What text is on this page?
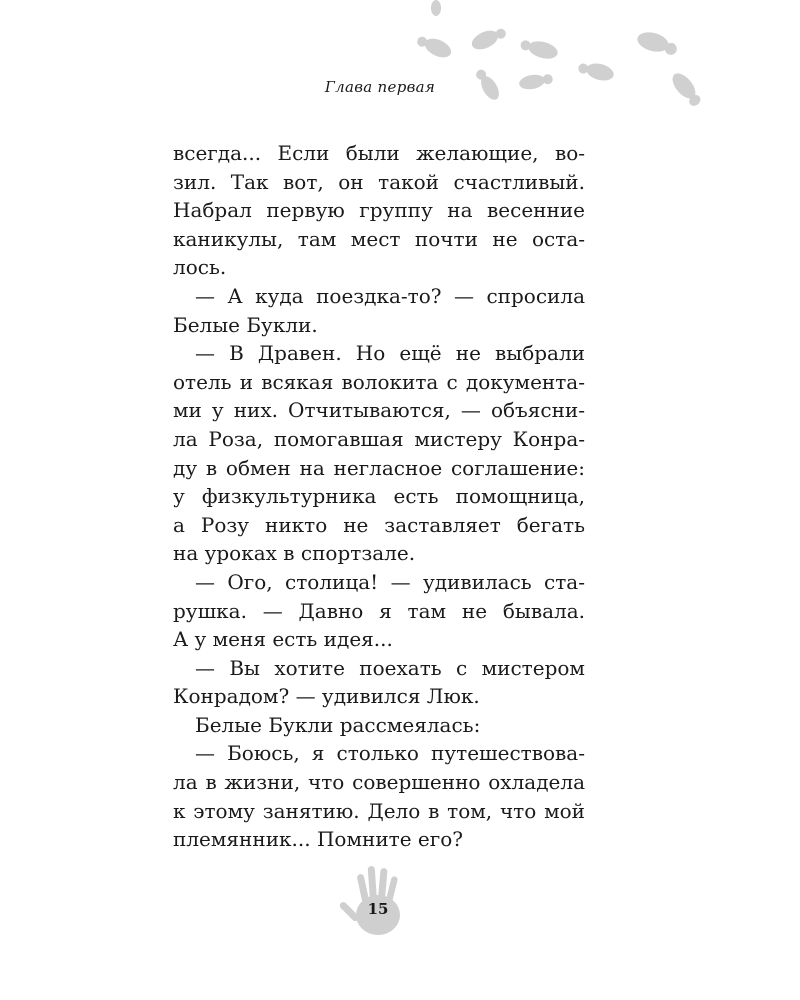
Глава первая
всегда... Если были желающие, во-
зил. Так вот, он такой счастливый.
Набрал первую группу на весенние
каникулы, там мест почти не оста-
лось.
— А куда поездка-то? — спросила
Белые Букли.
— В Дравен. Но ещё не выбрали
отель и всякая волокита с документа-
ми у них. Отчитываются, — объясни-
ла Роза, помогавшая мистеру Конра-
ду в обмен на негласное соглашение:
у физкультурника есть помощница,
а Розу никто не заставляет бегать
на уроках в спортзале.
— Ого, столица! — удивилась ста-
рушка. — Давно я там не бывала.
А у меня есть идея...
— Вы хотите поехать с мистером
Конрадом? — удивился Люк.
Белые Букли рассмеялась:
— Боюсь, я столько путешествова-
ла в жизни, что совершенно охладела
к этому занятию. Дело в том, что мой
племянник... Помните его?
15
